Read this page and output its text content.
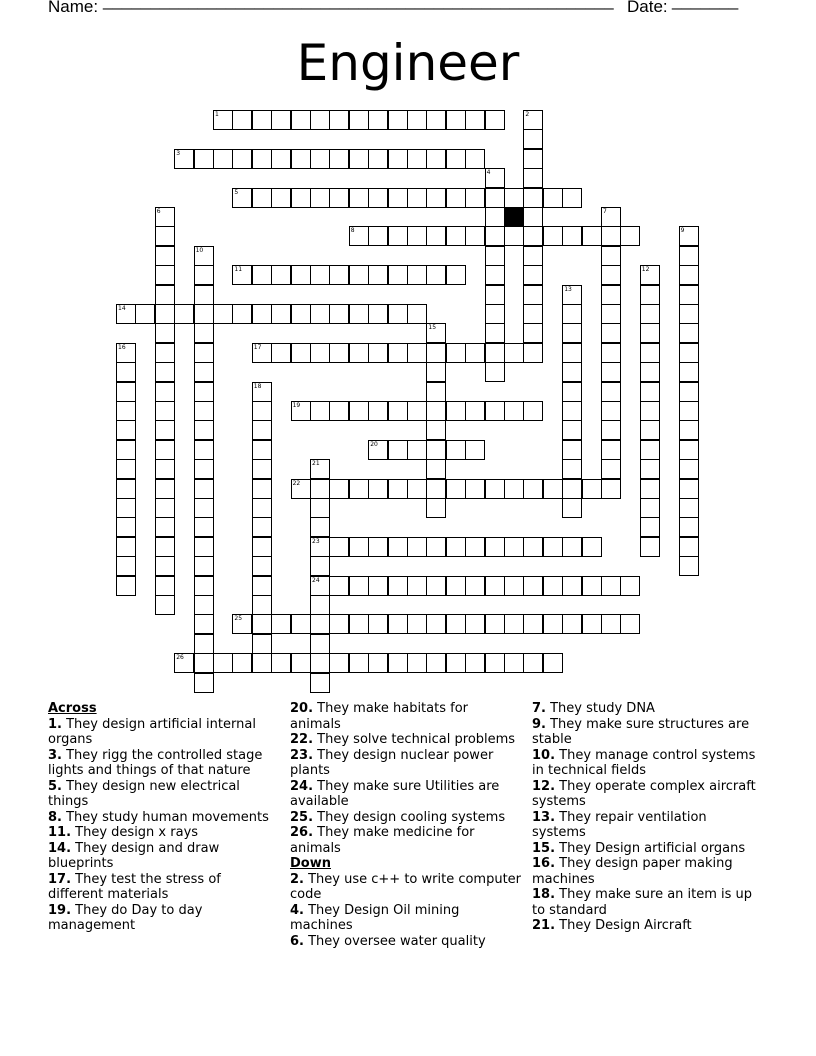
Name: ______________________________________________________ Date: _______
Engineer
1
3
5
8
11
14
17
19
20
22
23
24
25
26
2
4
6	7
9
10
12
13
15
16
18
21
Across
1. They design artificial internal organs
3. They rigg the controlled stage lights and things of that nature
5. They design new electrical things
8. They study human movements
11. They design x rays
14. They design and draw blueprints
17. They test the stress of different materials
19. They do Day to day management
20. They make habitats for animals
22. They solve technical problems
23. They design nuclear power plants
24. They make sure Utilities are available
25. They design cooling systems
26. They make medicine for animals
Down
2. They use c++ to write computer code
4. They Design Oil mining machines
6. They oversee water quality
7. They study DNA
9. They make sure structures are stable
10. They manage control systems in technical fields
12. They operate complex aircraft systems
13. They repair ventilation systems
15. They Design artificial organs
16. They design paper making machines
18. They make sure an item is up to standard
21. They Design Aircraft
